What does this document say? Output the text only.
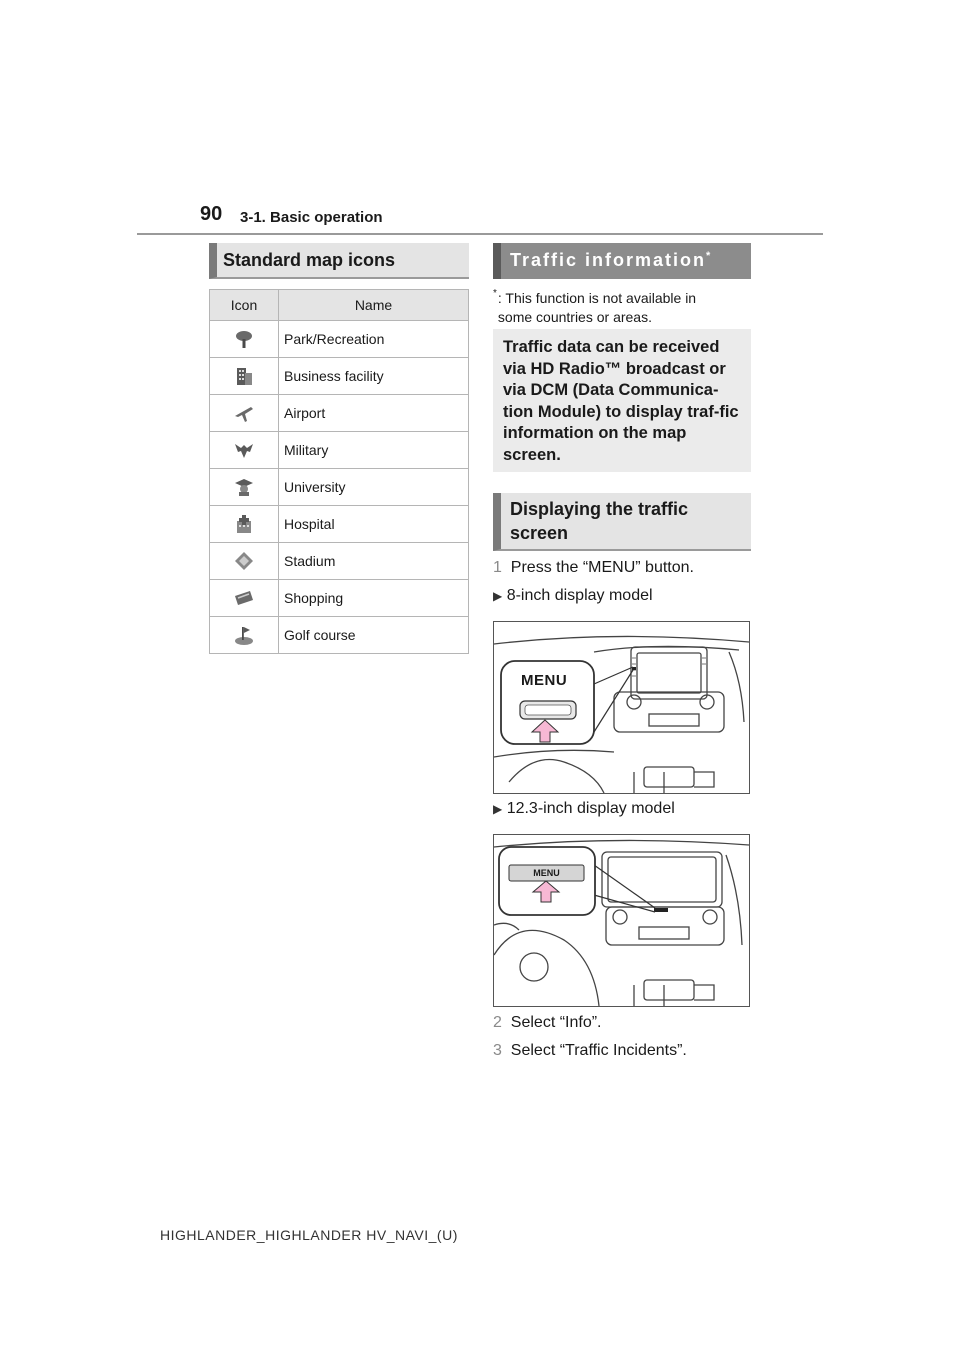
90 3-1. Basic operation
Standard map icons
Icon	Name

	Park/Recreation

	Business facility

	Airport

	Military

	University

	Hospital

	Stadium

	Shopping

	Golf course
Traffic information*
* : This function is not available in some countries or areas.
Traffic data can be received via HD Radio™ broadcast or via DCM (Data Communica-tion Module) to display traf-fic information on the map screen.
Displaying the traffic screen
1 Press the “MENU” button.
▶ 8-inch display model
MENU
▶ 12.3-inch display model
MENU
2 Select “Info”.
3 Select “Traffic Incidents”.
HIGHLANDER_HIGHLANDER HV_NAVI_(U)
